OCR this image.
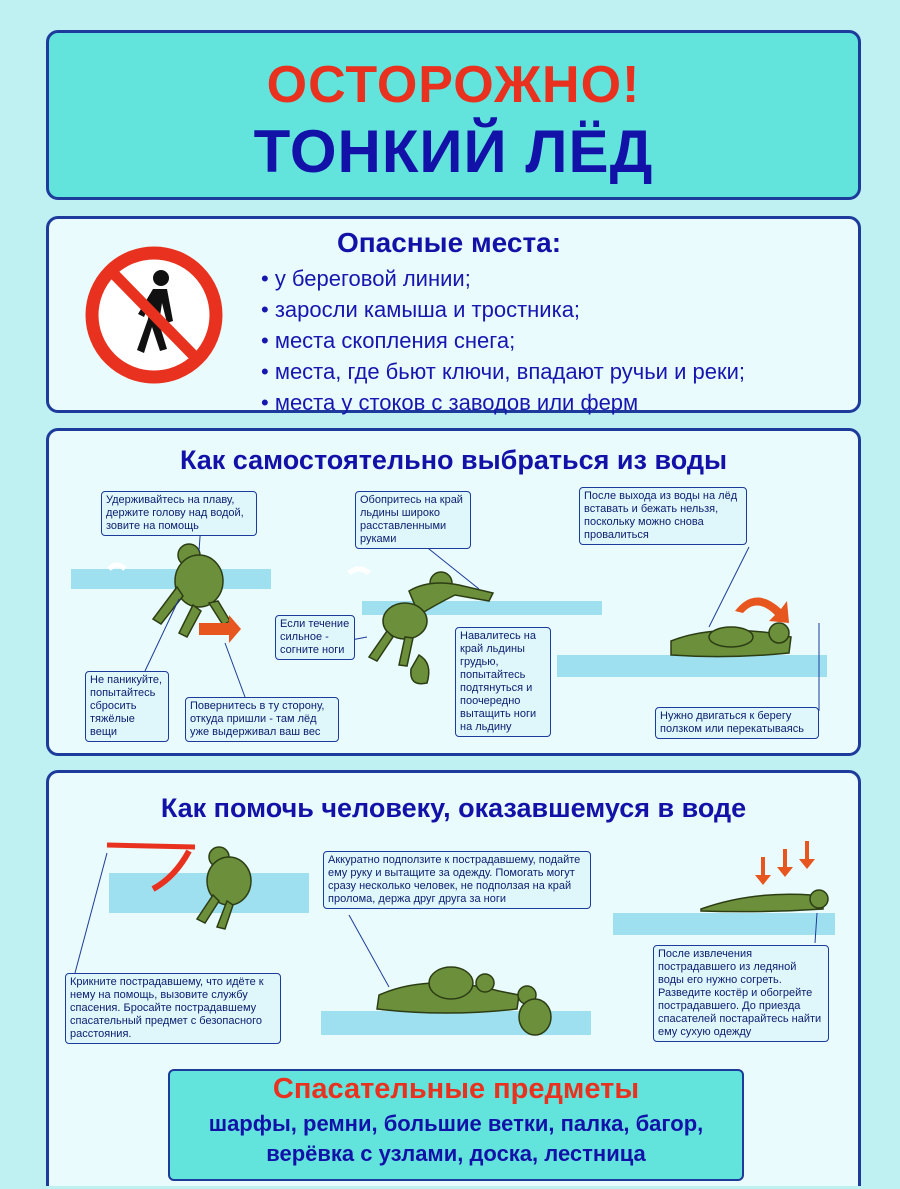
ОСТОРОЖНО!
ТОНКИЙ ЛЁД
Опасные места:
• у береговой линии;
• заросли камыша и тростника;
• места скопления снега;
• места, где бьют ключи, впадают ручьи и реки;
• места у стоков с заводов или ферм
Как самостоятельно выбраться из воды
Удерживайтесь на плаву, держите голову над водой, зовите на помощь
Не паникуйте, попытайтесь сбросить тяжёлые вещи
Повернитесь в ту сторону, откуда пришли - там лёд уже выдерживал ваш вес
Обопритесь на край льдины широко расставленными руками
Если течение сильное - согните ноги
Навалитесь на край льдины грудью, попытайтесь подтянуться и поочередно вытащить ноги на льдину
После выхода из воды на лёд вставать и бежать нельзя, поскольку можно снова провалиться
Нужно двигаться к берегу ползком или перекатываясь
Как помочь человеку, оказавшемуся в воде
Крикните пострадавшему, что идёте к нему на помощь, вызовите службу спасения. Бросайте пострадавшему спасательный предмет с безопасного расстояния.
Аккуратно подползите к пострадавшему, подайте ему руку и вытащите за одежду. Помогать могут сразу несколько человек, не подползая на край пролома, держа друг друга за ноги
После извлечения пострадавшего из ледяной воды его нужно согреть. Разведите костёр и обогрейте пострадавшего. До приезда спасателей постарайтесь найти ему сухую одежду
Спасательные предметы
шарфы, ремни, большие ветки, палка, багор,
верёвка с узлами, доска, лестница
